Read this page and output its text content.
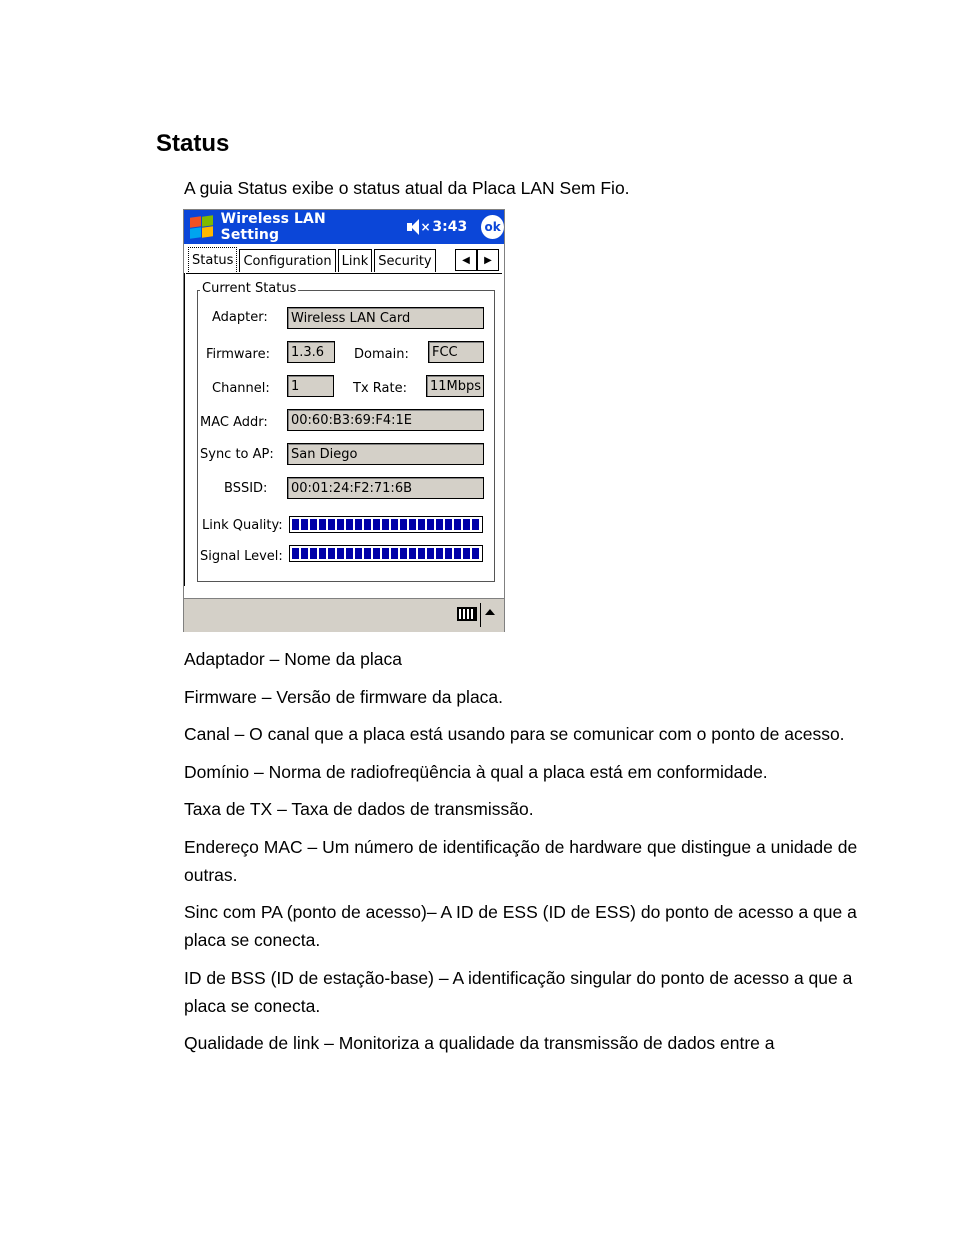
Status

A guia Status exibe o status atual da Placa LAN Sem Fio.

Wireless LAN Setting	× 3:43 ok
Status Configuration Link Security	◀	▶
Current Status
Adapter:	Wireless LAN Card
Firmware:	1.3.6	Domain:	FCC
Channel:	1	Tx Rate:	11Mbps
MAC Addr:	00:60:B3:69:F4:1E
Sync to AP:	San Diego
BSSID:	00:01:24:F2:71:6B
Link Quality:
Signal Level:
Adaptador – Nome da placa
Firmware – Versão de firmware da placa.
Canal – O canal que a placa está usando para se comunicar com o ponto de acesso.
Domínio – Norma de radiofreqüência à qual a placa está em conformidade.
Taxa de TX – Taxa de dados de transmissão.
Endereço MAC – Um número de identificação de hardware que distingue a unidade de outras.
Sinc com PA (ponto de acesso)– A ID de ESS (ID de ESS) do ponto de acesso a que a placa se conecta.
ID de BSS (ID de estação-base) – A identificação singular do ponto de acesso a que a placa se conecta.
Qualidade de link – Monitoriza a qualidade da transmissão de dados entre a
